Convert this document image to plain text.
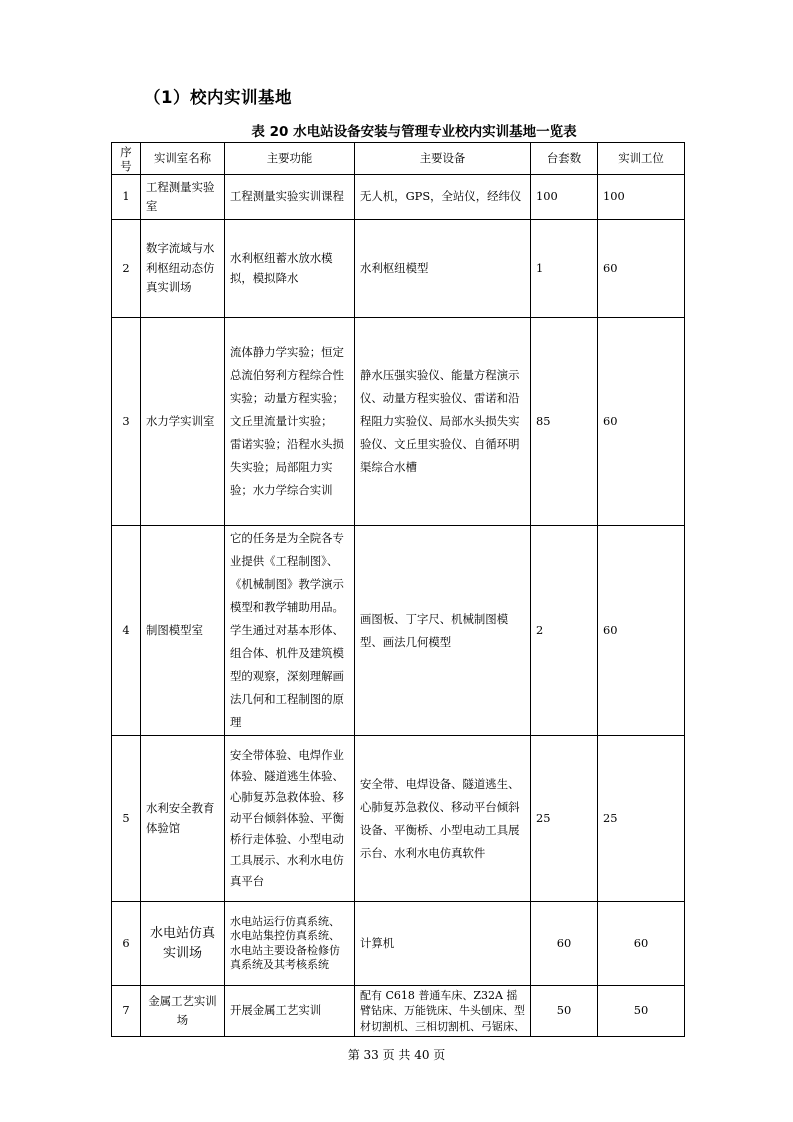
（1）校内实训基地
表 20 水电站设备安装与管理专业校内实训基地一览表
序号	实训室名称	主要功能	主要设备	台套数	实训工位
1	工程测量实验室	工程测量实验实训课程	无人机，GPS，全站仪，经纬仪	100	100
2	数字流域与水利枢纽动态仿真实训场	水利枢纽蓄水放水模拟，模拟降水	水利枢纽模型	1	60
3	水力学实训室	流体静力学实验；恒定总流伯努利方程综合性实验；动量方程实验；文丘里流量计实验；　　雷诺实验；沿程水头损失实验；局部阻力实验；水力学综合实训	静水压强实验仪、能量方程演示仪、动量方程实验仪、雷诺和沿程阻力实验仪、局部水头损失实验仪、文丘里实验仪、自循环明渠综合水槽	85	60
4	制图模型室	它的任务是为全院各专业提供《工程制图》、《机械制图》教学演示模型和教学辅助用品。学生通过对基本形体、组合体、机件及建筑模型的观察，深刻理解画法几何和工程制图的原理	画图板、丁字尺、机械制图模型、画法几何模型	2	60
5	水利安全教育体验馆	安全带体验、电焊作业体验、隧道逃生体验、心肺复苏急救体验、移动平台倾斜体验、平衡桥行走体验、小型电动工具展示、水利水电仿真平台	安全带、电焊设备、隧道逃生、心肺复苏急救仪、移动平台倾斜设备、平衡桥、小型电动工具展示台、水利水电仿真软件	25	25
6	水电站仿真实训场	水电站运行仿真系统、水电站集控仿真系统、水电站主要设备检修仿真系统及其考核系统	计算机	60	60
7	金属工艺实训场	开展金属工艺实训	配有 C618 普通车床、Z32A 摇臂钻床、万能铣床、牛头刨床、型材切割机、三相切割机、弓锯床、	50	50
第 33 页 共 40 页
